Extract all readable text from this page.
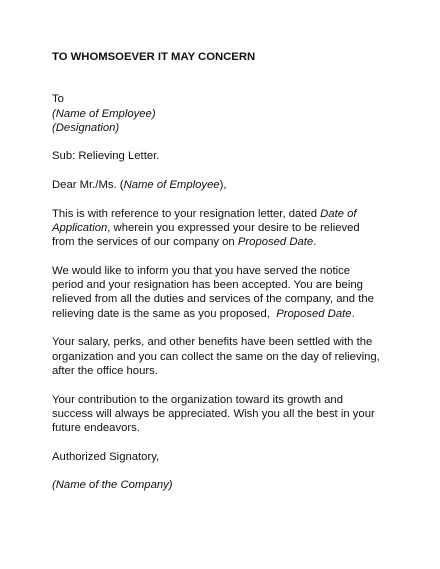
TO WHOMSOEVER IT MAY CONCERN
To
(Name of Employee)
(Designation)
Sub: Relieving Letter.
Dear Mr./Ms. (Name of Employee),
This is with reference to your resignation letter, dated Date of
Application, wherein you expressed your desire to be relieved
from the services of our company on Proposed Date.
We would like to inform you that you have served the notice
period and your resignation has been accepted. You are being
relieved from all the duties and services of the company, and the
relieving date is the same as you proposed,  Proposed Date.
Your salary, perks, and other benefits have been settled with the
organization and you can collect the same on the day of relieving,
after the office hours.
Your contribution to the organization toward its growth and
success will always be appreciated. Wish you all the best in your
future endeavors.
Authorized Signatory,
(Name of the Company)
